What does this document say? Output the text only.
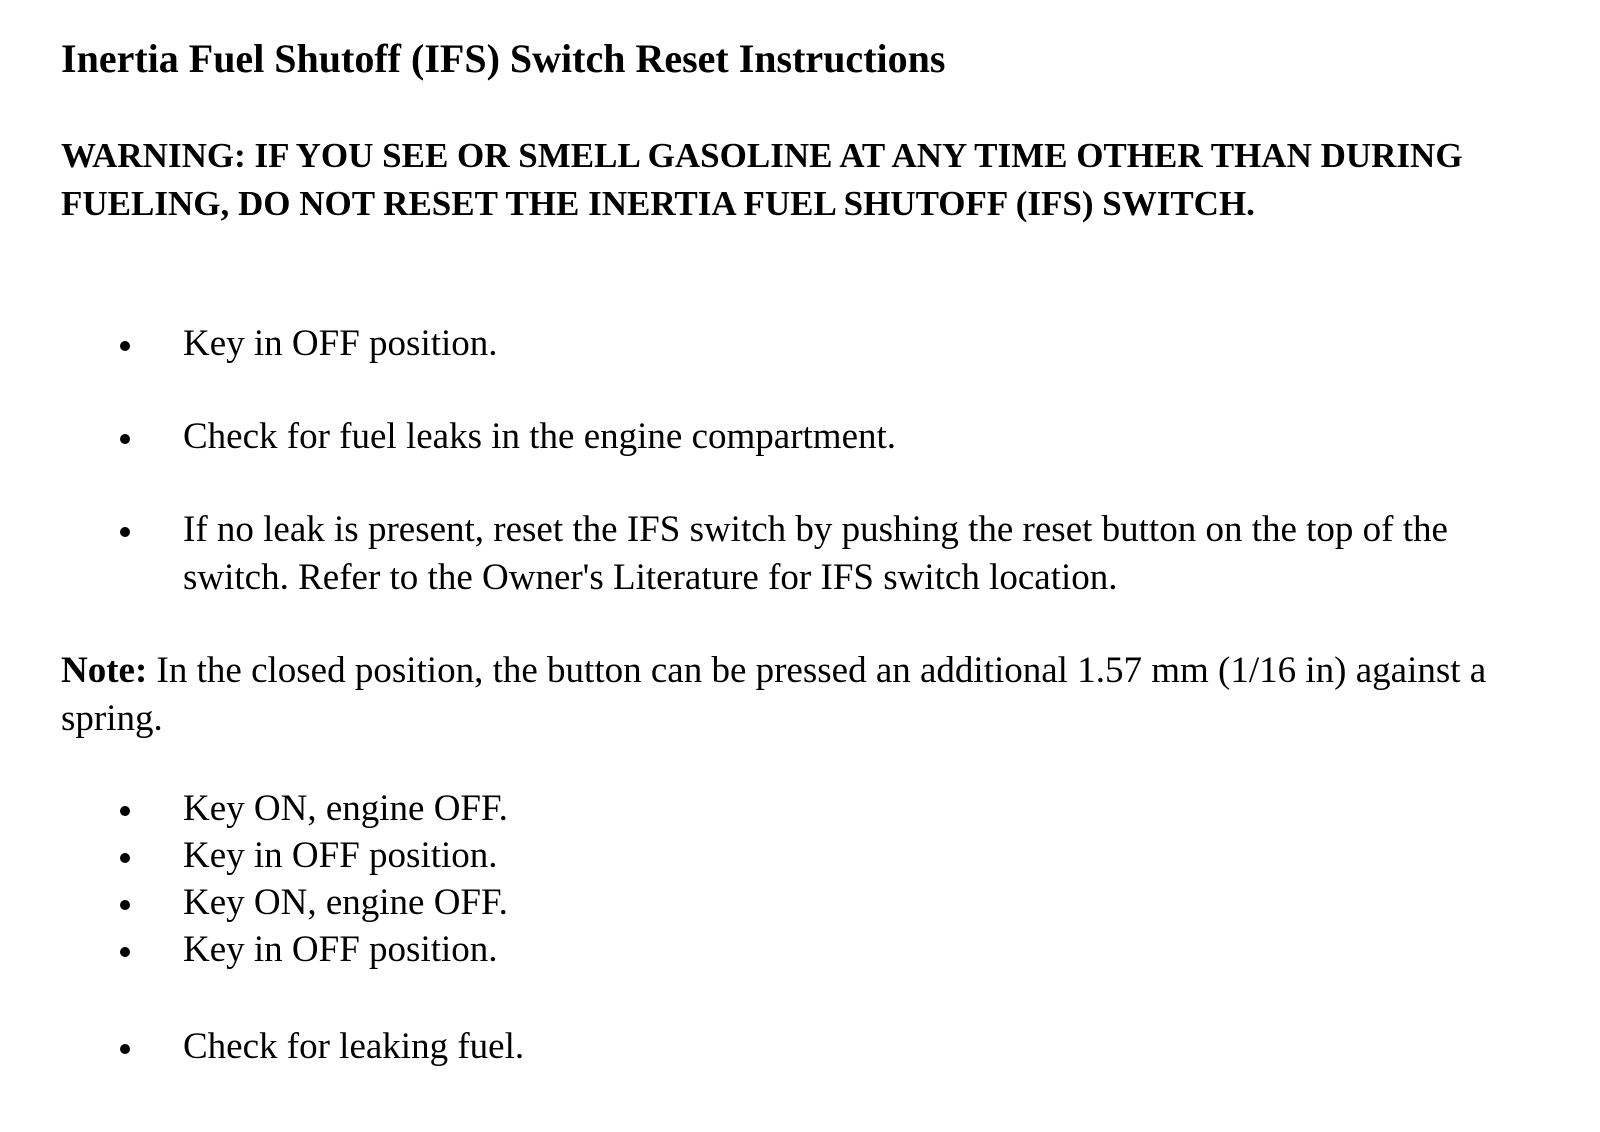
Inertia Fuel Shutoff (IFS) Switch Reset Instructions

WARNING: IF YOU SEE OR SMELL GASOLINE AT ANY TIME OTHER THAN DURING FUELING, DO NOT RESET THE INERTIA FUEL SHUTOFF (IFS) SWITCH.

Key in OFF position.
Check for fuel leaks in the engine compartment.
If no leak is present, reset the IFS switch by pushing the reset button on the top of the switch. Refer to the Owner's Literature for IFS switch location.

Note: In the closed position, the button can be pressed an additional 1.57 mm (1/16 in) against a spring.

Key ON, engine OFF.
Key in OFF position.
Key ON, engine OFF.
Key in OFF position.
Check for leaking fuel.
